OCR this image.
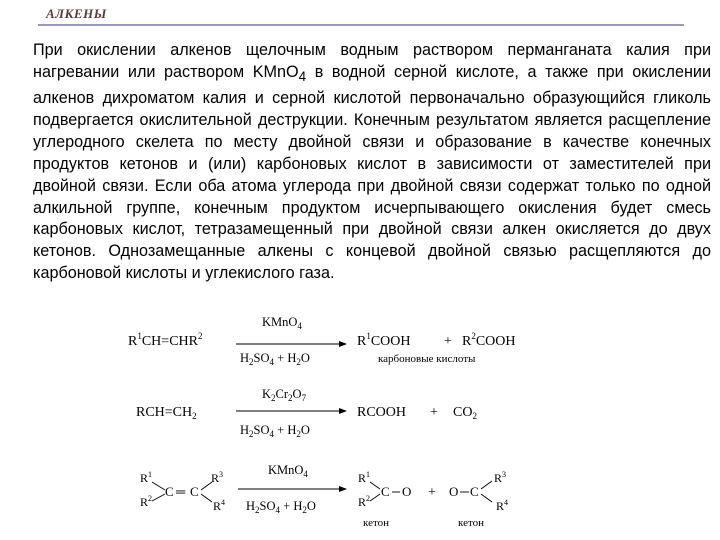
АЛКЕНЫ

При окислении алкенов щелочным водным раствором перманганата калия при нагревании или раствором KMnO$_4$ в водной серной кислоте, а также при окислении алкенов дихроматом калия и серной кислотой первоначально образующийся гликоль подвергается окислительной деструкции. Конечным результатом является расщепление углеродного скелета по месту двойной связи и образование в качестве конечных продуктов кетонов и (или) карбоновых кислот в зависимости от заместителей при двойной связи. Если оба атома углерода при двойной связи содержат только по одной алкильной группе, конечным продуктом исчерпывающего окисления будет смесь карбоновых кислот, тетразамещенный при двойной связи алкен окисляется до двух кетонов. Однозамещанные алкены с концевой двойной связью расщепляются до карбоновой кислоты и углекислого газа.

$R^1CH=CHR^2$
KMnO$_4$
$H_2SO_4 + H_2O$
$R^1COOH$ + $R^2COOH$
карбоновые кислоты
$RCH=CH_2$
$K_2Cr_2O_7$
$H_2SO_4 + H_2O$
RCOOH + $CO_2$
$R^1$
$R^2$ C ═ C
$R^3$
$R^4$
KMnO$_4$
$H_2SO_4 + H_2O$
$R^1$
$R^2$ C O + O C
$R^3$
$R^4$
кетон	кетон
